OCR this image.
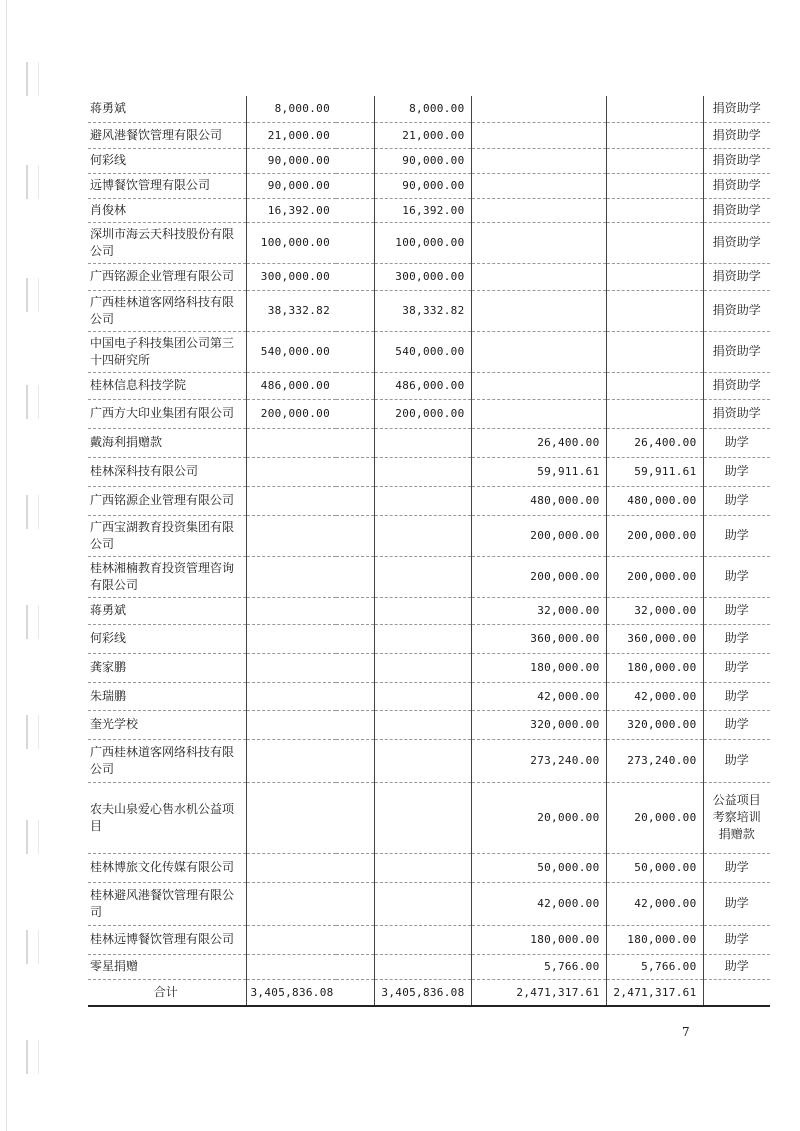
蒋勇斌	8,000.00		8,000.00			捐资助学
避风港餐饮管理有限公司	21,000.00		21,000.00			捐资助学
何彩线	90,000.00		90,000.00			捐资助学
远博餐饮管理有限公司	90,000.00		90,000.00			捐资助学
肖俊林	16,392.00		16,392.00			捐资助学
深圳市海云天科技股份有限公司	100,000.00		100,000.00			捐资助学
广西铭源企业管理有限公司	300,000.00		300,000.00			捐资助学
广西桂林道客网络科技有限公司	38,332.82		38,332.82			捐资助学
中国电子科技集团公司第三十四研究所	540,000.00		540,000.00			捐资助学
桂林信息科技学院	486,000.00		486,000.00			捐资助学
广西方大印业集团有限公司	200,000.00		200,000.00			捐资助学
戴海利捐赠款				26,400.00	26,400.00	助学
桂林深科技有限公司				59,911.61	59,911.61	助学
广西铭源企业管理有限公司				480,000.00	480,000.00	助学
广西宝湖教育投资集团有限公司				200,000.00	200,000.00	助学
桂林湘楠教育投资管理咨询有限公司				200,000.00	200,000.00	助学
蒋勇斌				32,000.00	32,000.00	助学
何彩线				360,000.00	360,000.00	助学
龚家鹏				180,000.00	180,000.00	助学
朱瑞鹏				42,000.00	42,000.00	助学
奎光学校				320,000.00	320,000.00	助学
广西桂林道客网络科技有限公司				273,240.00	273,240.00	助学
农夫山泉爱心售水机公益项目				20,000.00	20,000.00	公益项目考察培训捐赠款
桂林博旅文化传媒有限公司				50,000.00	50,000.00	助学
桂林避风港餐饮管理有限公司				42,000.00	42,000.00	助学
桂林远博餐饮管理有限公司				180,000.00	180,000.00	助学
零星捐赠				5,766.00	5,766.00	助学
合计	3,405,836.08		3,405,836.08	2,471,317.61	2,471,317.61	
7
